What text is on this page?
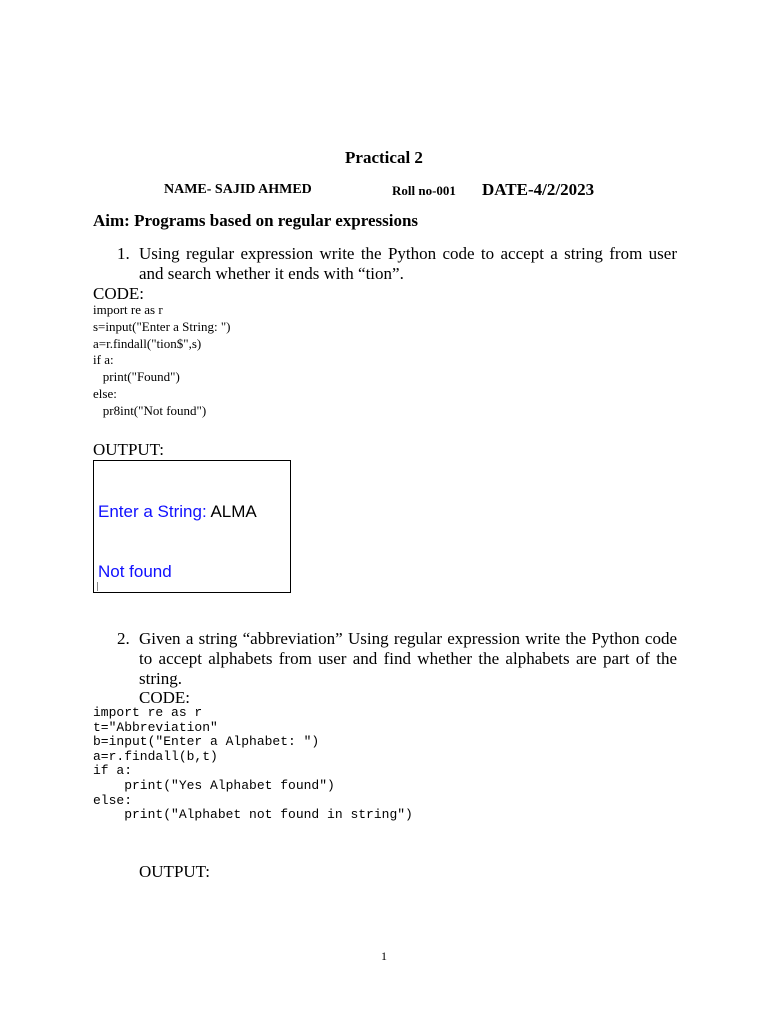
Practical 2
NAME- SAJID AHMED	Roll no-001 DATE-4/2/2023
Aim: Programs based on regular expressions
1. Using regular expression write the Python code to accept a string from user and search whether it ends with “tion”.
CODE:
import re as r
s=input("Enter a String: ")
a=r.findall("tion$",s)
if a:
print("Found")
else:
pr8int("Not found")
OUTPUT:

Enter a String: ALMA

Not found

2. Given a string “abbreviation” Using regular expression write the Python code to accept alphabets from user and find whether the alphabets are part of the string.
CODE:
import re as r
t="Abbreviation"
b=input("Enter a Alphabet: ")
a=r.findall(b,t)
if a:
print("Yes Alphabet found")
else:
print("Alphabet not found in string")
OUTPUT:
1
